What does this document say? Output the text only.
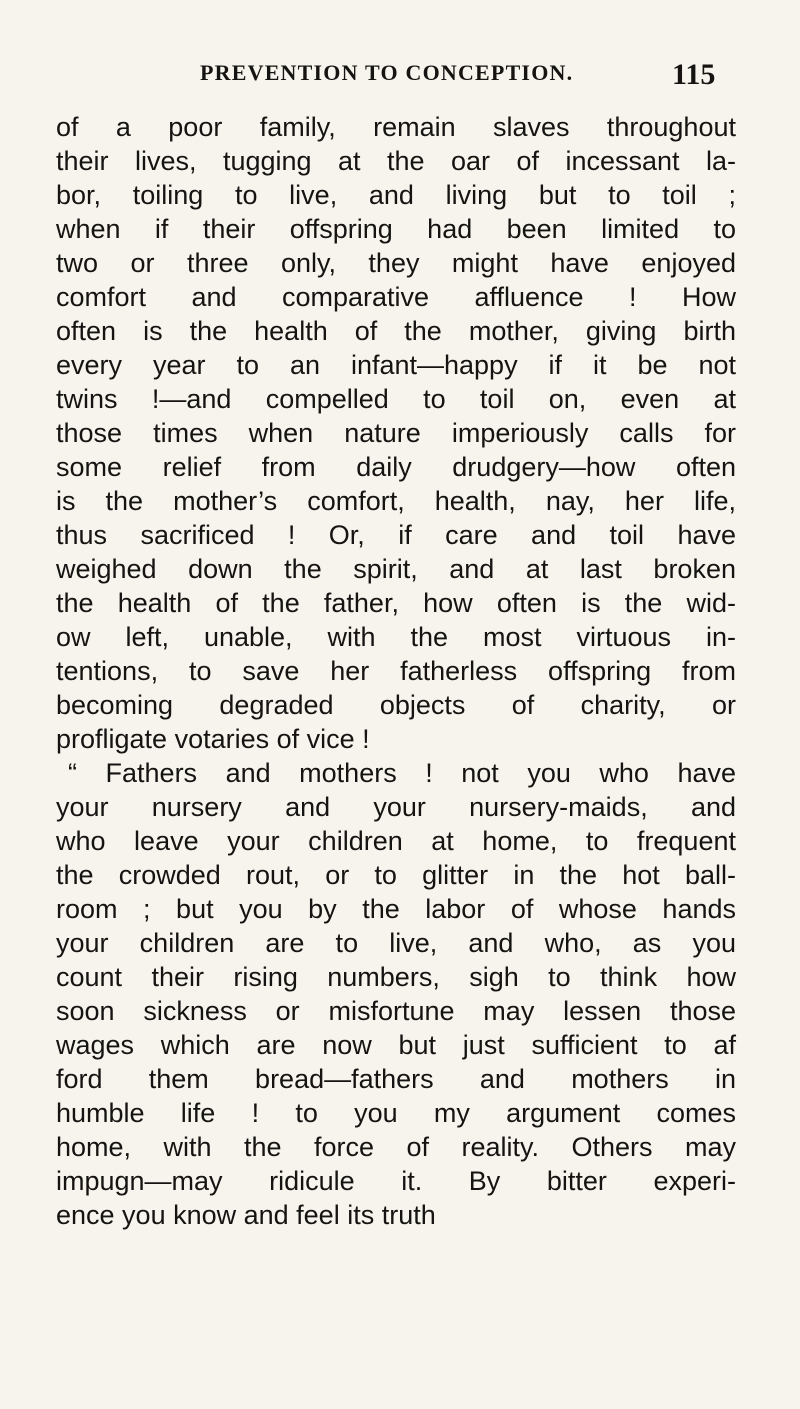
PREVENTION TO CONCEPTION.	115
of a poor family, remain slaves throughout
their lives, tugging at the oar of incessant la-
bor, toiling to live, and living but to toil ;
when if their offspring had been limited to
two or three only, they might have enjoyed
comfort and comparative affluence ! How
often is the health of the mother, giving birth
every year to an infant—happy if it be not
twins !—and compelled to toil on, even at
those times when nature imperiously calls for
some relief from daily drudgery—how often
is the mother’s comfort, health, nay, her life,
thus sacrificed ! Or, if care and toil have
weighed down the spirit, and at last broken
the health of the father, how often is the wid-
ow left, unable, with the most virtuous in-
tentions, to save her fatherless offspring from
becoming degraded objects of charity, or
profligate votaries of vice !
“ Fathers and mothers ! not you who have
your nursery and your nursery-maids, and
who leave your children at home, to frequent
the crowded rout, or to glitter in the hot ball-
room ; but you by the labor of whose hands
your children are to live, and who, as you
count their rising numbers, sigh to think how
soon sickness or misfortune may lessen those
wages which are now but just sufficient to af
ford them bread—fathers and mothers in
humble life ! to you my argument comes
home, with the force of reality. Others may
impugn—may ridicule it. By bitter experi-
ence you know and feel its truth
